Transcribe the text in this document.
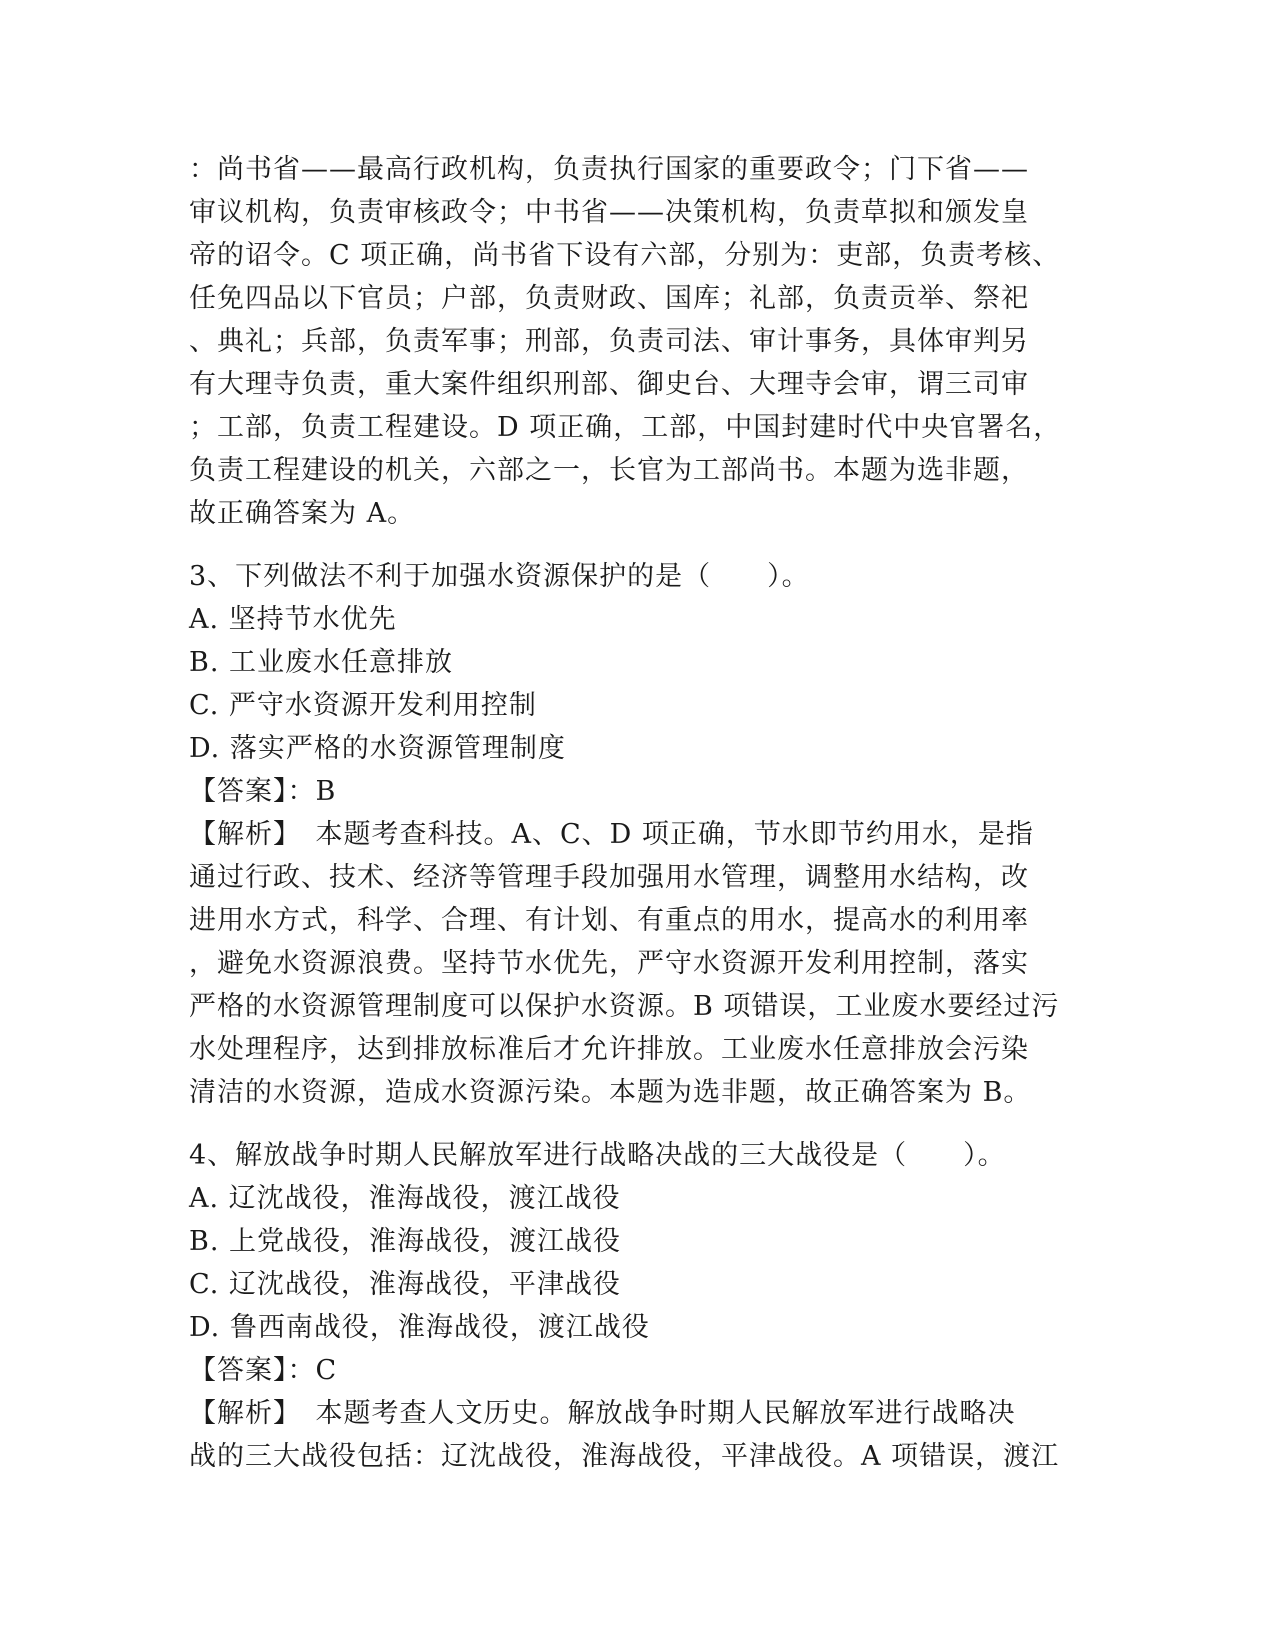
：尚书省——最高行政机构，负责执行国家的重要政令；门下省——
审议机构，负责审核政令；中书省——决策机构，负责草拟和颁发皇
帝的诏令。C 项正确，尚书省下设有六部，分别为：吏部，负责考核、
任免四品以下官员；户部，负责财政、国库；礼部，负责贡举、祭祀
、典礼；兵部，负责军事；刑部，负责司法、审计事务，具体审判另
有大理寺负责，重大案件组织刑部、御史台、大理寺会审，谓三司审
；工部，负责工程建设。D 项正确，工部，中国封建时代中央官署名，
负责工程建设的机关，六部之一，长官为工部尚书。本题为选非题，
故正确答案为 A。
3、下列做法不利于加强水资源保护的是（　　）。
A. 坚持节水优先
B. 工业废水任意排放
C. 严守水资源开发利用控制
D. 落实严格的水资源管理制度
【答案】：B
【解析】　本题考查科技。A、C、D 项正确，节水即节约用水，是指
通过行政、技术、经济等管理手段加强用水管理，调整用水结构，改
进用水方式，科学、合理、有计划、有重点的用水，提高水的利用率
，避免水资源浪费。坚持节水优先，严守水资源开发利用控制，落实
严格的水资源管理制度可以保护水资源。B 项错误，工业废水要经过污
水处理程序，达到排放标准后才允许排放。工业废水任意排放会污染
清洁的水资源，造成水资源污染。本题为选非题，故正确答案为 B。
4、解放战争时期人民解放军进行战略决战的三大战役是（　　）。
A. 辽沈战役，淮海战役，渡江战役
B. 上党战役，淮海战役，渡江战役
C. 辽沈战役，淮海战役，平津战役
D. 鲁西南战役，淮海战役，渡江战役
【答案】：C
【解析】　本题考查人文历史。解放战争时期人民解放军进行战略决
战的三大战役包括：辽沈战役，淮海战役，平津战役。A 项错误，渡江
